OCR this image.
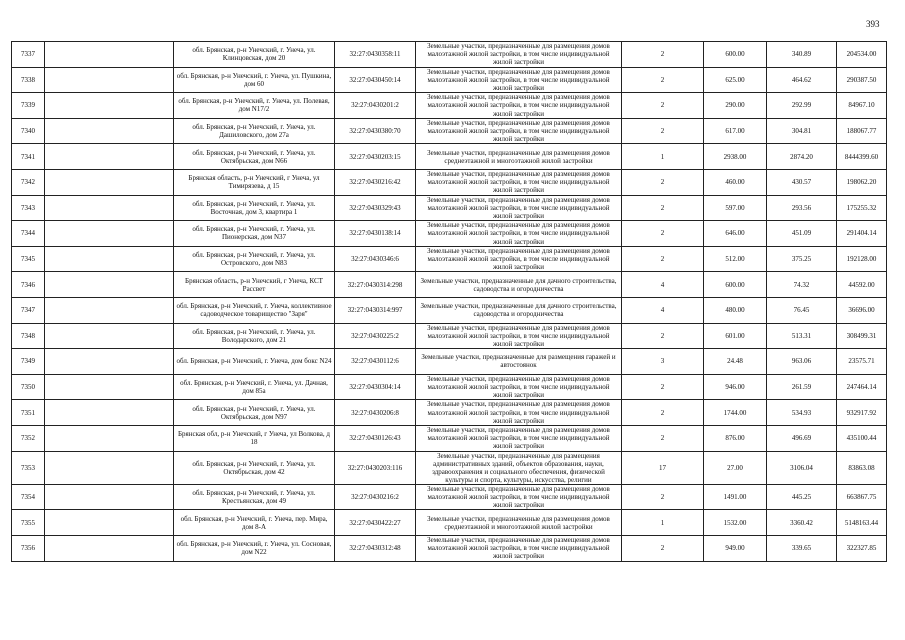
393
7337		обл. Брянская, р-н Унечский, г. Унеча, ул. Клинцовская, дом 20	32:27:0430358:11	Земельные участки, предназначенные для размещения домов малоэтажной жилой застройки, в том числе индивидуальной жилой застройки	2	600.00	340.89	204534.00
7338		обл. Брянская, р-н Унечский, г. Унеча, ул. Пушкина, дом 60	32:27:0430450:14	Земельные участки, предназначенные для размещения домов малоэтажной жилой застройки, в том числе индивидуальной жилой застройки	2	625.00	464.62	290387.50
7339		обл. Брянская, р-н Унечский, г. Унеча, ул. Полевая, дом N17/2	32:27:0430201:2	Земельные участки, предназначенные для размещения домов малоэтажной жилой застройки, в том числе индивидуальной жилой застройки	2	290.00	292.99	84967.10
7340		обл. Брянская, р-н Унечский, г. Унеча, ул. Дашиловского, дом 27а	32:27:0430380:70	Земельные участки, предназначенные для размещения домов малоэтажной жилой застройки, в том числе индивидуальной жилой застройки	2	617.00	304.81	188067.77
7341		обл. Брянская, р-н Унечский, г. Унеча, ул. Октябрьская, дом N66	32:27:0430203:15	Земельные участки, предназначенные для размещения домов среднеэтажной и многоэтажной жилой застройки	1	2938.00	2874.20	8444399.60
7342		Брянская область, р-н Унечский, г Унеча, ул Тимирязева, д 15	32:27:0430216:42	Земельные участки, предназначенные для размещения домов малоэтажной жилой застройки, в том числе индивидуальной жилой застройки	2	460.00	430.57	198062.20
7343		обл. Брянская, р-н Унечский, г. Унеча, ул. Восточная, дом 3, квартира 1	32:27:0430329:43	Земельные участки, предназначенные для размещения домов малоэтажной жилой застройки, в том числе индивидуальной жилой застройки	2	597.00	293.56	175255.32
7344		обл. Брянская, р-н Унечский, г. Унеча, ул. Пионерская, дом N37	32:27:0430138:14	Земельные участки, предназначенные для размещения домов малоэтажной жилой застройки, в том числе индивидуальной жилой застройки	2	646.00	451.09	291404.14
7345		обл. Брянская, р-н Унечский, г. Унеча, ул. Островского, дом N83	32:27:0430346:6	Земельные участки, предназначенные для размещения домов малоэтажной жилой застройки, в том числе индивидуальной жилой застройки	2	512.00	375.25	192128.00
7346		Брянская область, р-н Унечский, г Унеча, КСТ Рассвет	32:27:0430314:298	Земельные участки, предназначенные для дачного строительства, садоводства и огородничества	4	600.00	74.32	44592.00
7347		обл. Брянская, р-н Унечский, г. Унеча, коллективное садоводческое товарищество "Заря"	32:27:0430314:997	Земельные участки, предназначенные для дачного строительства, садоводства и огородничества	4	480.00	76.45	36696.00
7348		обл. Брянская, р-н Унечский, г. Унеча, ул. Володарского, дом 21	32:27:0430225:2	Земельные участки, предназначенные для размещения домов малоэтажной жилой застройки, в том числе индивидуальной жилой застройки	2	601.00	513.31	308499.31
7349		обл. Брянская, р-н Унечский, г. Унеча, дом бокс N24	32:27:0430112:6	Земельные участки, предназначенные для размещения гаражей и автостоянок	3	24.48	963.06	23575.71
7350		обл. Брянская, р-н Унечский, г. Унеча, ул. Дачная, дом 85а	32:27:0430304:14	Земельные участки, предназначенные для размещения домов малоэтажной жилой застройки, в том числе индивидуальной жилой застройки	2	946.00	261.59	247464.14
7351		обл. Брянская, р-н Унечский, г. Унеча, ул. Октябрьская, дом N97	32:27:0430206:8	Земельные участки, предназначенные для размещения домов малоэтажной жилой застройки, в том числе индивидуальной жилой застройки	2	1744.00	534.93	932917.92
7352		Брянская обл, р-н Унечский, г Унеча, ул Волкова, д 18	32:27:0430126:43	Земельные участки, предназначенные для размещения домов малоэтажной жилой застройки, в том числе индивидуальной жилой застройки	2	876.00	496.69	435100.44
7353		обл. Брянская, р-н Унечский, г. Унеча, ул. Октябрьская, дом 42	32:27:0430203:116	Земельные участки, предназначенные для размещения административных зданий, объектов образования, науки, здравоохранения и социального обеспечения, физической культуры и спорта, культуры, искусства, религии	17	27.00	3106.04	83863.08
7354		обл. Брянская, р-н Унечский, г. Унеча, ул. Крестьянская, дом 49	32:27:0430216:2	Земельные участки, предназначенные для размещения домов малоэтажной жилой застройки, в том числе индивидуальной жилой застройки	2	1491.00	445.25	663867.75
7355		обл. Брянская, р-н Унечский, г. Унеча, пер. Мира, дом 8-А	32:27:0430422:27	Земельные участки, предназначенные для размещения домов среднеэтажной и многоэтажной жилой застройки	1	1532.00	3360.42	5148163.44
7356		обл. Брянская, р-н Унечский, г. Унеча, ул. Сосновая, дом N22	32:27:0430312:48	Земельные участки, предназначенные для размещения домов малоэтажной жилой застройки, в том числе индивидуальной жилой застройки	2	949.00	339.65	322327.85
